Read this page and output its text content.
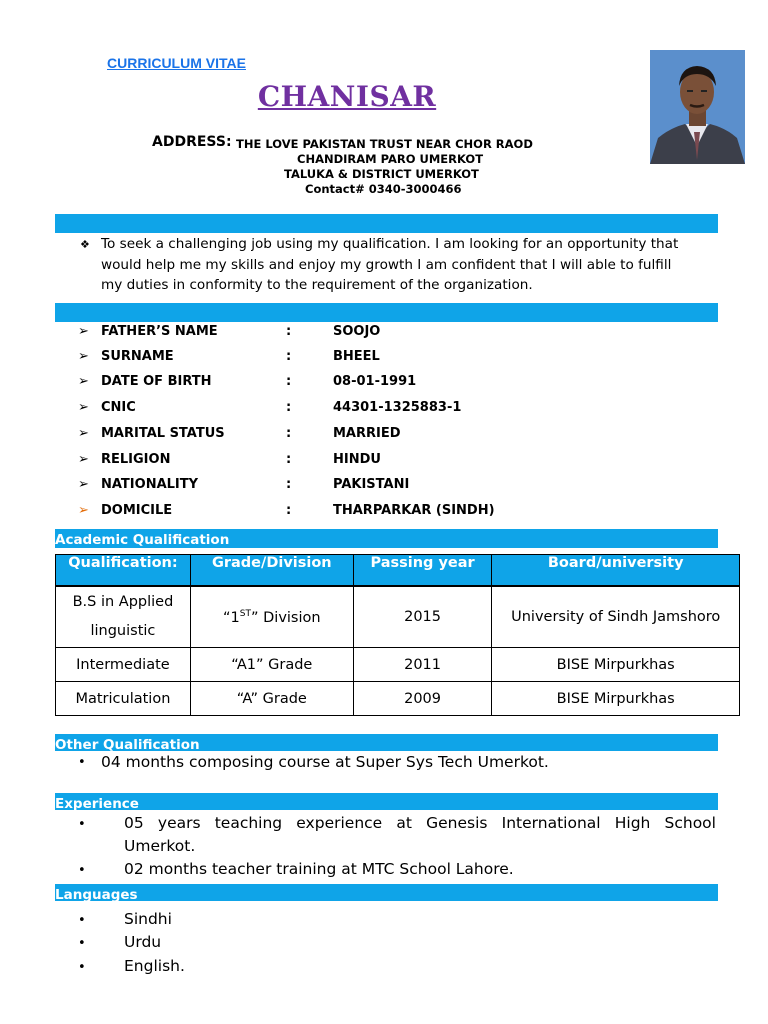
CURRICULUM VITAE
CHANISAR
ADDRESS: THE LOVE PAKISTAN TRUST NEAR CHOR RAOD
CHANDIRAM PARO UMERKOT
TALUKA & DISTRICT UMERKOT
Contact# 0340-3000466
❖ To seek a challenging job using my qualification. I am looking for an opportunity that
would help me my skills and enjoy my growth I am confident that I will able to fulfill
my duties in conformity to the requirement of the organization.
➢ FATHER’S NAME	:	SOOJO
➢ SURNAME	:	BHEEL
➢ DATE OF BIRTH	:	08-01-1991
➢ CNIC	:	44301-1325883-1
➢ MARITAL STATUS	:	MARRIED
➢ RELIGION	:	HINDU
➢ NATIONALITY	:	PAKISTANI
➢ DOMICILE	:	THARPARKAR (SINDH)
Academic Qualification
Qualification:	Grade/Division	Passing year	Board/university
B.S in Applied
linguistic	“1ST” Division	2015	University of Sindh Jamshoro
Intermediate	“A1” Grade	2011	BISE Mirpurkhas
Matriculation	“A” Grade	2009	BISE Mirpurkhas
Other Qualification
• 04 months composing course at Super Sys Tech Umerkot.
Experience
• 05 years teaching experience at Genesis International High School
Umerkot.
• 02 months teacher training at MTC School Lahore.
Languages
• Sindhi
• Urdu
• English.
